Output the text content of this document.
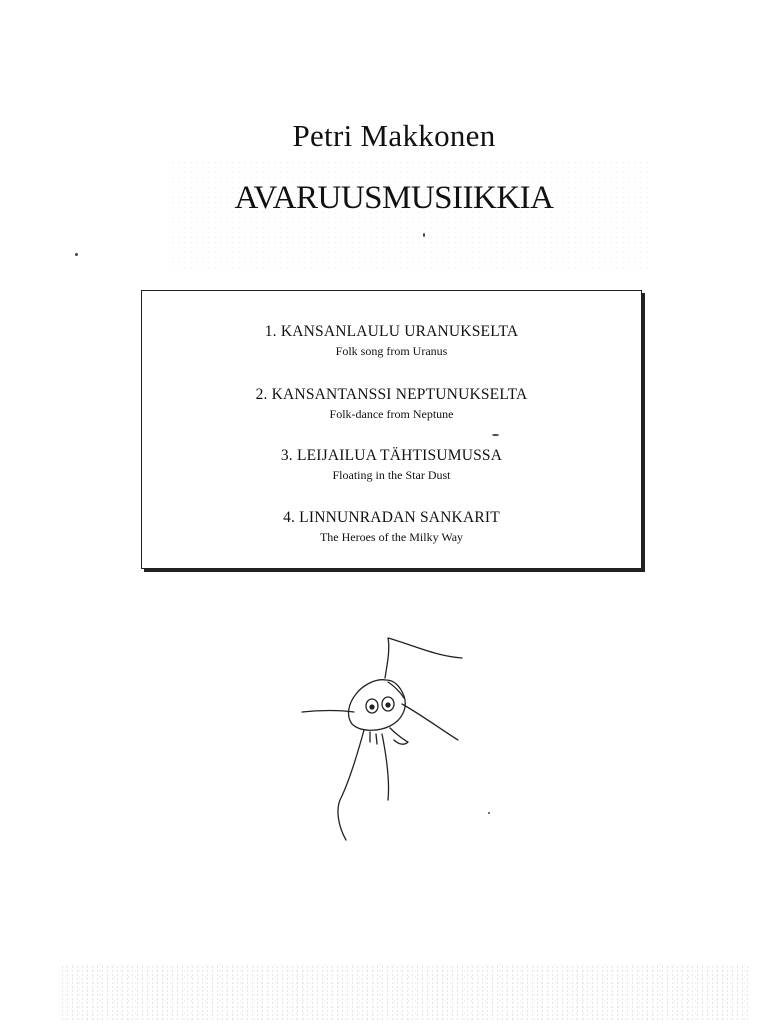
Petri Makkonen
AVARUUSMUSIIKKIA
1. KANSANLAULU URANUKSELTA
Folk song from Uranus
2. KANSANTANSSI NEPTUNUKSELTA
Folk-dance from Neptune
3. LEIJAILUA TÄHTISUMUSSA
Floating in the Star Dust
4. LINNUNRADAN SANKARIT
The Heroes of the Milky Way
